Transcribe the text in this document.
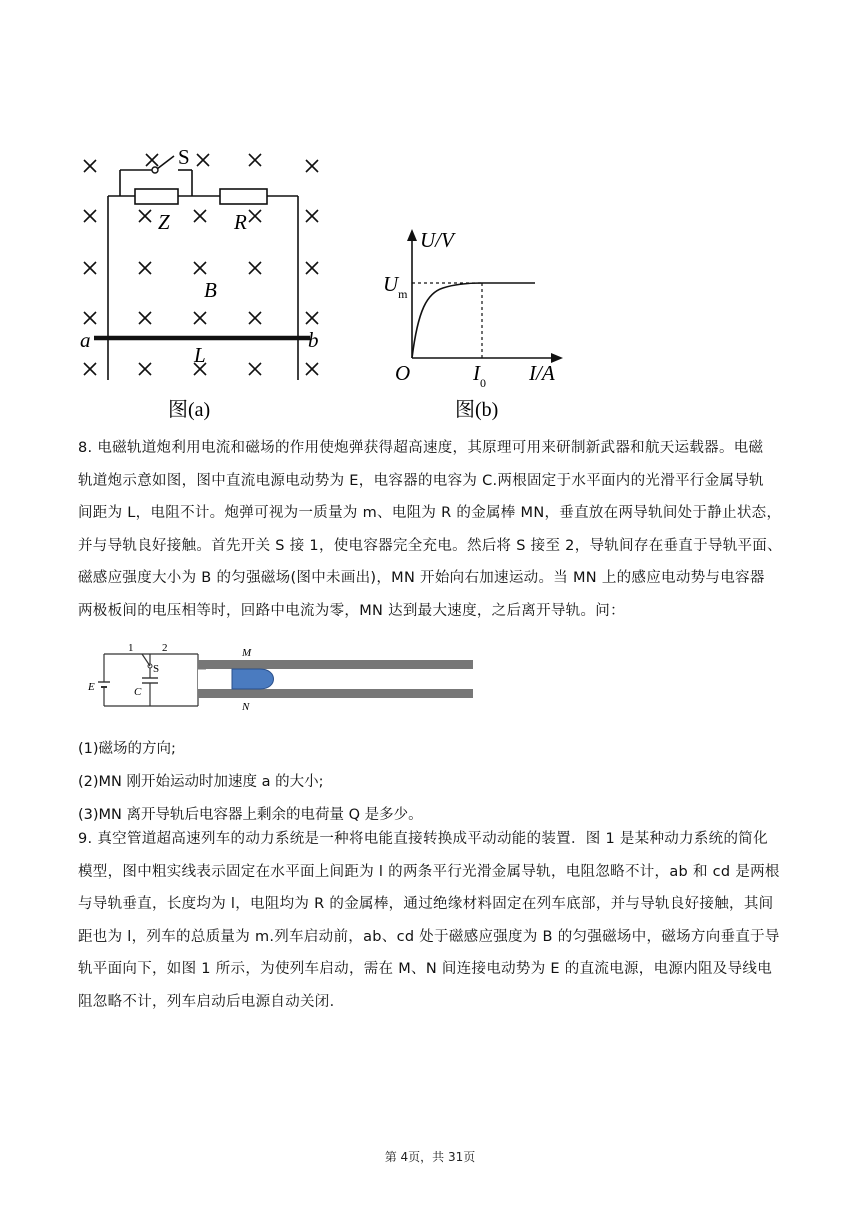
S
Z	R
B
a	b
L
图(a)
U/V
$U_m$
O	$I_0$ I/A
图(b)
8. 电磁轨道炮利用电流和磁场的作用使炮弹获得超高速度，其原理可用来研制新武器和航天运载器。电磁
轨道炮示意如图，图中直流电源电动势为 E，电容器的电容为 C.两根固定于水平面内的光滑平行金属导轨
间距为 L，电阻不计。炮弹可视为一质量为 m、电阻为 R 的金属棒 MN，垂直放在两导轨间处于静止状态，
并与导轨良好接触。首先开关 S 接 1，使电容器完全充电。然后将 S 接至 2，导轨间存在垂直于导轨平面、
磁感应强度大小为 B 的匀强磁场(图中未画出)，MN 开始向右加速运动。当 MN 上的感应电动势与电容器
两极板间的电压相等时，回路中电流为零，MN 达到最大速度，之后离开导轨。问：
1	2
S
E	C
M
N
(1)磁场的方向;
(2)MN 刚开始运动时加速度 a 的大小;
(3)MN 离开导轨后电容器上剩余的电荷量 Q 是多少。
9. 真空管道超高速列车的动力系统是一种将电能直接转换成平动动能的装置．图 1 是某种动力系统的简化
模型，图中粗实线表示固定在水平面上间距为 l 的两条平行光滑金属导轨，电阻忽略不计，ab 和 cd 是两根
与导轨垂直，长度均为 l，电阻均为 R 的金属棒，通过绝缘材料固定在列车底部，并与导轨良好接触，其间
距也为 l，列车的总质量为 m.列车启动前，ab、cd 处于磁感应强度为 B 的匀强磁场中，磁场方向垂直于导
轨平面向下，如图 1 所示，为使列车启动，需在 M、N 间连接电动势为 E 的直流电源，电源内阻及导线电
阻忽略不计，列车启动后电源自动关闭．
第 4页，共 31页
